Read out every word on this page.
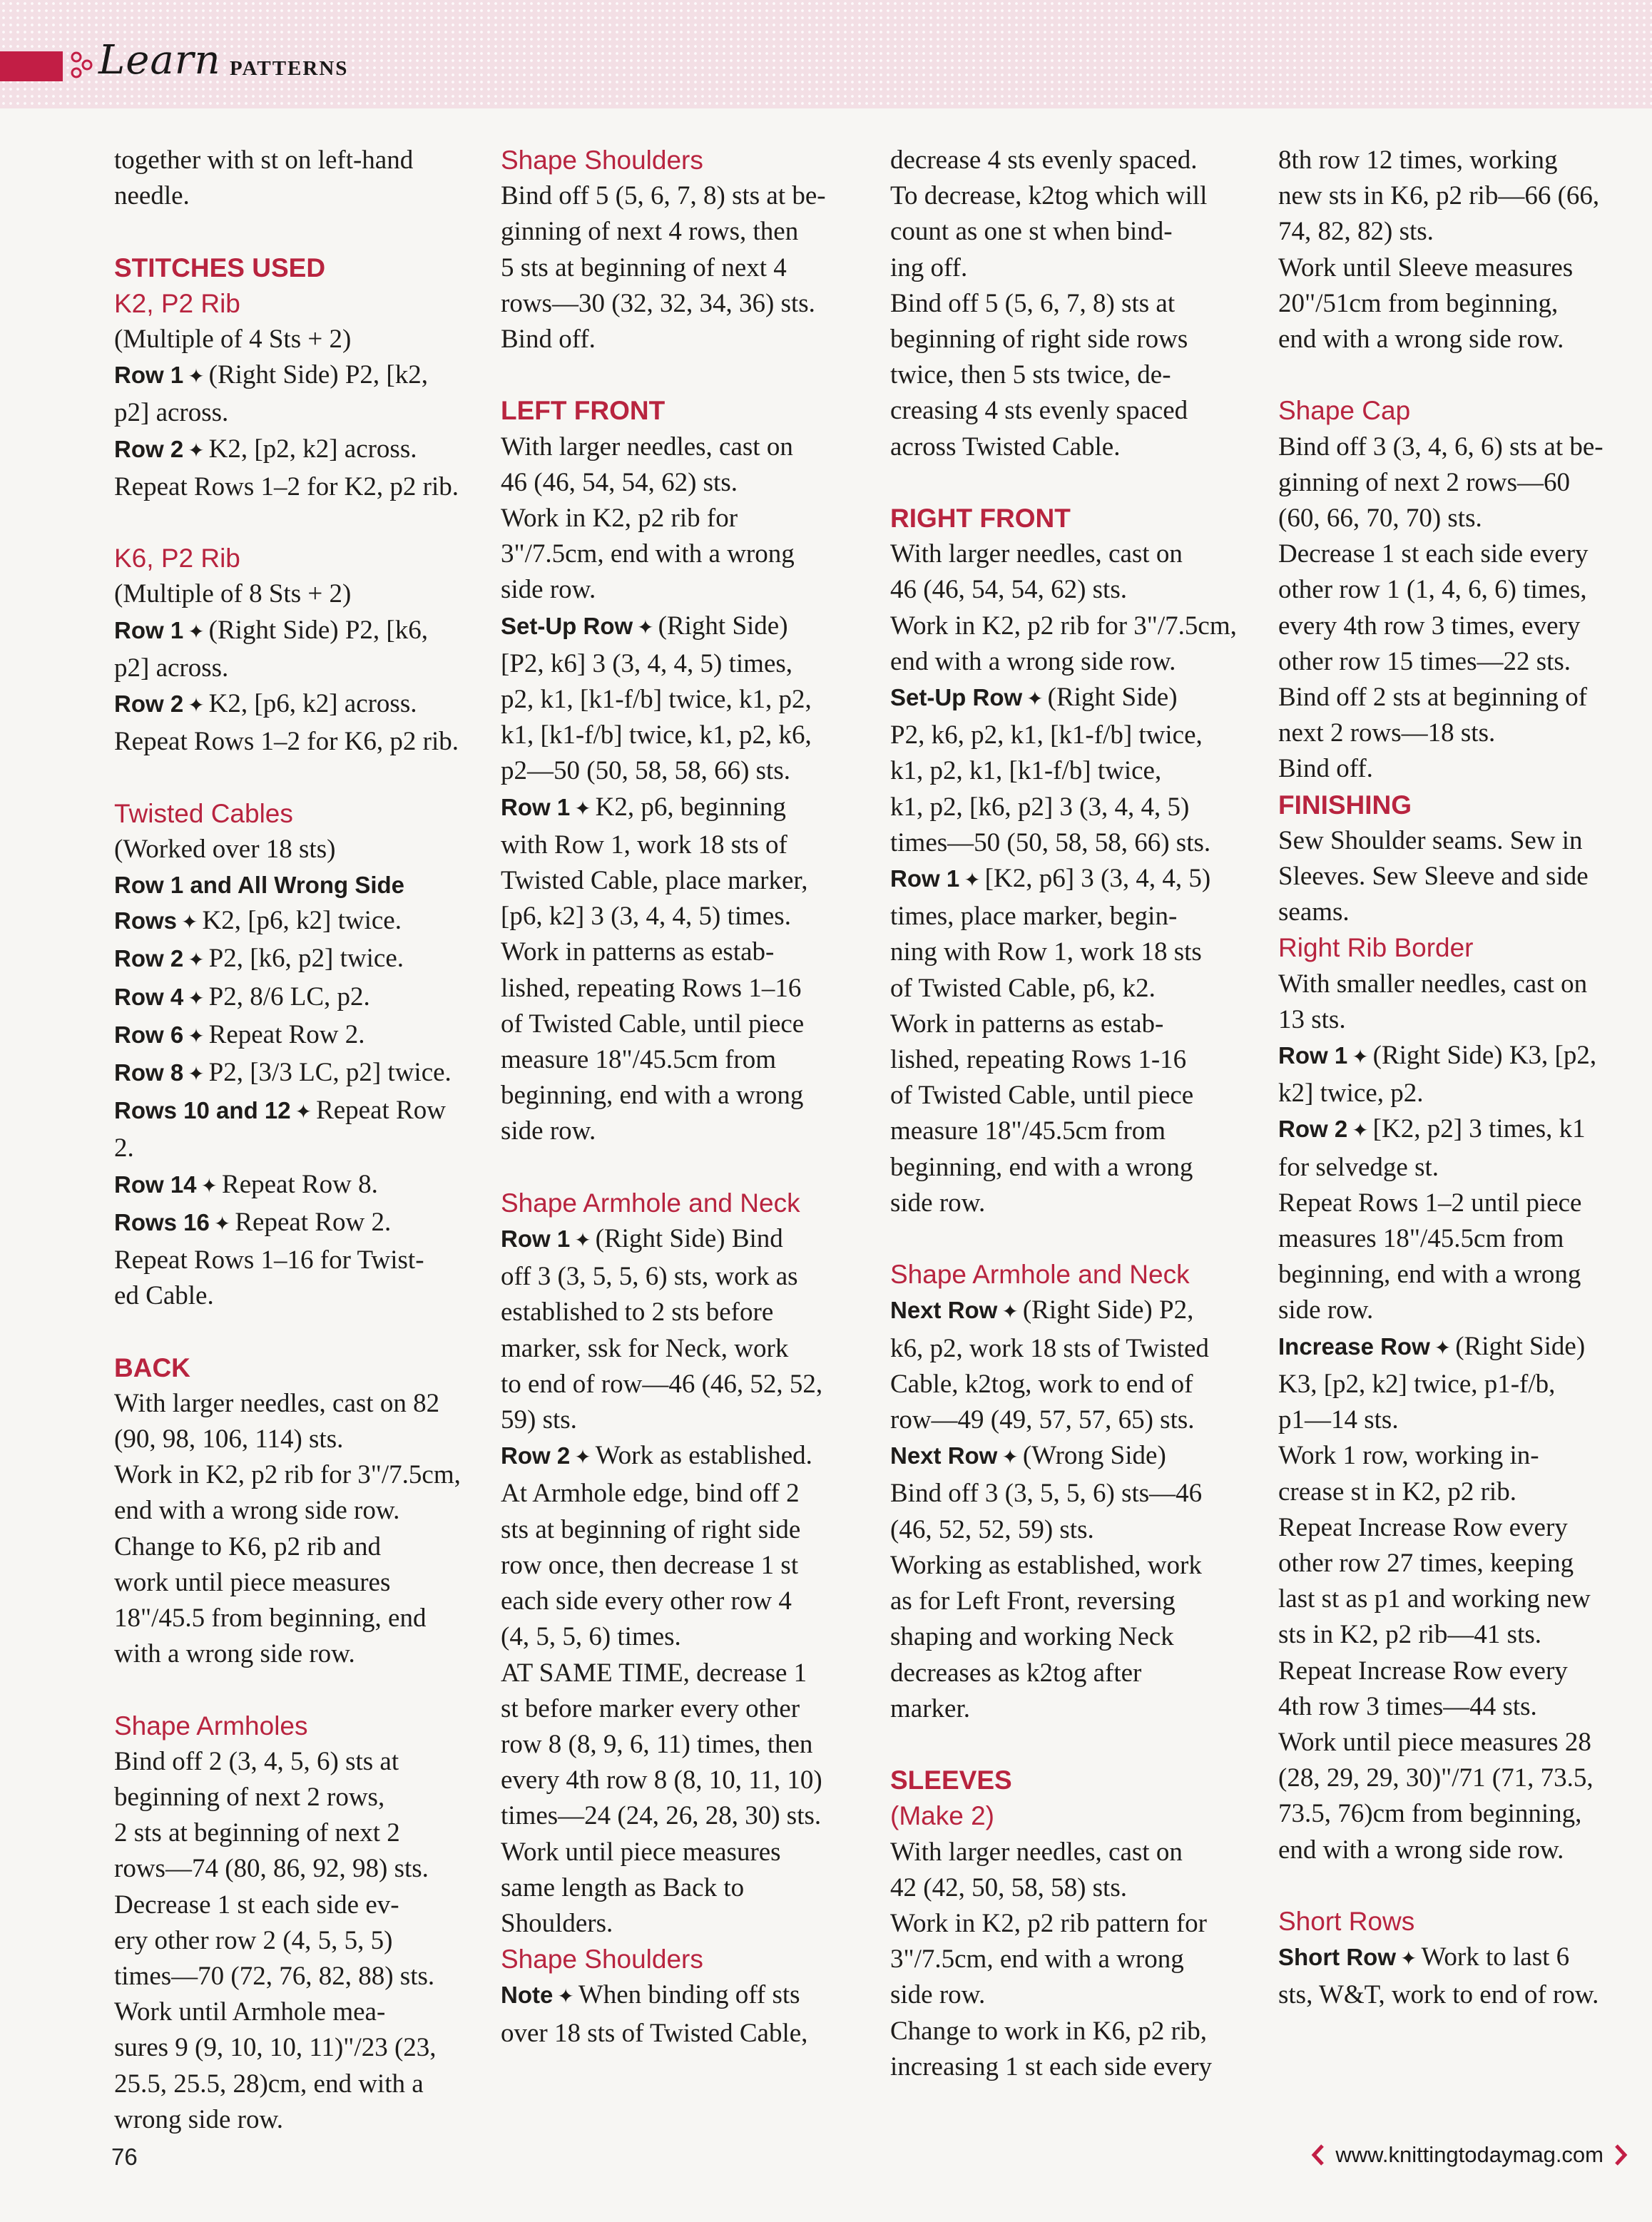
Learn PATTERNS

together with st on left-hand

needle.

STITCHES USED

K2, P2 Rib

(Multiple of 4 Sts + 2)

Row 1 ✦ (Right Side) P2, [k2,

p2] across.

Row 2 ✦ K2, [p2, k2] across.

Repeat Rows 1–2 for K2, p2 rib.

K6, P2 Rib

(Multiple of 8 Sts + 2)

Row 1 ✦ (Right Side) P2, [k6,

p2] across.

Row 2 ✦ K2, [p6, k2] across.

Repeat Rows 1–2 for K6, p2 rib.

Twisted Cables

(Worked over 18 sts)

Row 1 and All Wrong Side

Rows ✦ K2, [p6, k2] twice.

Row 2 ✦ P2, [k6, p2] twice.

Row 4 ✦ P2, 8/6 LC, p2.

Row 6 ✦ Repeat Row 2.

Row 8 ✦ P2, [3/3 LC, p2] twice.

Rows 10 and 12 ✦ Repeat Row 2.

Row 14 ✦ Repeat Row 8.

Rows 16 ✦ Repeat Row 2.

Repeat Rows 1–16 for Twist-

ed Cable.

BACK

With larger needles, cast on 82

(90, 98, 106, 114) sts.

Work in K2, p2 rib for 3"/7.5cm,

end with a wrong side row.

Change to K6, p2 rib and

work until piece measures

18"/45.5 from beginning, end

with a wrong side row.

Shape Armholes

Bind off 2 (3, 4, 5, 6) sts at

beginning of next 2 rows,

2 sts at beginning of next 2

rows—74 (80, 86, 92, 98) sts.

Decrease 1 st each side ev-

ery other row 2 (4, 5, 5, 5)

times—70 (72, 76, 82, 88) sts.

Work until Armhole mea-

sures 9 (9, 10, 10, 11)"/23 (23,

25.5, 25.5, 28)cm, end with a

wrong side row.

Shape Shoulders

Bind off 5 (5, 6, 7, 8) sts at be-

ginning of next 4 rows, then

5 sts at beginning of next 4

rows—30 (32, 32, 34, 36) sts.

Bind off.

LEFT FRONT

With larger needles, cast on

46 (46, 54, 54, 62) sts.

Work in K2, p2 rib for

3"/7.5cm, end with a wrong

side row.

Set-Up Row ✦ (Right Side)

[P2, k6] 3 (3, 4, 4, 5) times,

p2, k1, [k1-f/b] twice, k1, p2,

k1, [k1-f/b] twice, k1, p2, k6,

p2—50 (50, 58, 58, 66) sts.

Row 1 ✦ K2, p6, beginning

with Row 1, work 18 sts of

Twisted Cable, place marker,

[p6, k2] 3 (3, 4, 4, 5) times.

Work in patterns as estab-

lished, repeating Rows 1–16

of Twisted Cable, until piece

measure 18"/45.5cm from

beginning, end with a wrong

side row.

Shape Armhole and Neck

Row 1 ✦ (Right Side) Bind

off 3 (3, 5, 5, 6) sts, work as

established to 2 sts before

marker, ssk for Neck, work

to end of row—46 (46, 52, 52,

59) sts.

Row 2 ✦ Work as established.

At Armhole edge, bind off 2

sts at beginning of right side

row once, then decrease 1 st

each side every other row 4

(4, 5, 5, 6) times.

AT SAME TIME, decrease 1

st before marker every other

row 8 (8, 9, 6, 11) times, then

every 4th row 8 (8, 10, 11, 10)

times—24 (24, 26, 28, 30) sts.

Work until piece measures

same length as Back to

Shoulders.

Shape Shoulders

Note ✦ When binding off sts

over 18 sts of Twisted Cable,

decrease 4 sts evenly spaced.

To decrease, k2tog which will

count as one st when bind-

ing off.

Bind off 5 (5, 6, 7, 8) sts at

beginning of right side rows

twice, then 5 sts twice, de-

creasing 4 sts evenly spaced

across Twisted Cable.

RIGHT FRONT

With larger needles, cast on

46 (46, 54, 54, 62) sts.

Work in K2, p2 rib for 3"/7.5cm,

end with a wrong side row.

Set-Up Row ✦ (Right Side)

P2, k6, p2, k1, [k1-f/b] twice,

k1, p2, k1, [k1-f/b] twice,

k1, p2, [k6, p2] 3 (3, 4, 4, 5)

times—50 (50, 58, 58, 66) sts.

Row 1 ✦ [K2, p6] 3 (3, 4, 4, 5)

times, place marker, begin-

ning with Row 1, work 18 sts

of Twisted Cable, p6, k2.

Work in patterns as estab-

lished, repeating Rows 1-16

of Twisted Cable, until piece

measure 18"/45.5cm from

beginning, end with a wrong

side row.

Shape Armhole and Neck

Next Row ✦ (Right Side) P2,

k6, p2, work 18 sts of Twisted

Cable, k2tog, work to end of

row—49 (49, 57, 57, 65) sts.

Next Row ✦ (Wrong Side)

Bind off 3 (3, 5, 5, 6) sts—46

(46, 52, 52, 59) sts.

Working as established, work

as for Left Front, reversing

shaping and working Neck

decreases as k2tog after

marker.

SLEEVES

(Make 2)

With larger needles, cast on

42 (42, 50, 58, 58) sts.

Work in K2, p2 rib pattern for

3"/7.5cm, end with a wrong

side row.

Change to work in K6, p2 rib,

increasing 1 st each side every

8th row 12 times, working

new sts in K6, p2 rib—66 (66,

74, 82, 82) sts.

Work until Sleeve measures

20"/51cm from beginning,

end with a wrong side row.

Shape Cap

Bind off 3 (3, 4, 6, 6) sts at be-

ginning of next 2 rows—60

(60, 66, 70, 70) sts.

Decrease 1 st each side every

other row 1 (1, 4, 6, 6) times,

every 4th row 3 times, every

other row 15 times—22 sts.

Bind off 2 sts at beginning of

next 2 rows—18 sts.

Bind off.

FINISHING

Sew Shoulder seams. Sew in

Sleeves. Sew Sleeve and side

seams.

Right Rib Border

With smaller needles, cast on

13 sts.

Row 1 ✦ (Right Side) K3, [p2,

k2] twice, p2.

Row 2 ✦ [K2, p2] 3 times, k1

for selvedge st.

Repeat Rows 1–2 until piece

measures 18"/45.5cm from

beginning, end with a wrong

side row.

Increase Row ✦ (Right Side)

K3, [p2, k2] twice, p1-f/b,

p1—14 sts.

Work 1 row, working in-

crease st in K2, p2 rib.

Repeat Increase Row every

other row 27 times, keeping

last st as p1 and working new

sts in K2, p2 rib—41 sts.

Repeat Increase Row every

4th row 3 times—44 sts.

Work until piece measures 28

(28, 29, 29, 30)"/71 (71, 73.5,

73.5, 76)cm from beginning,

end with a wrong side row.

Short Rows

Short Row ✦ Work to last 6

sts, W&T, work to end of row.

76	www.knittingtodaymag.com
